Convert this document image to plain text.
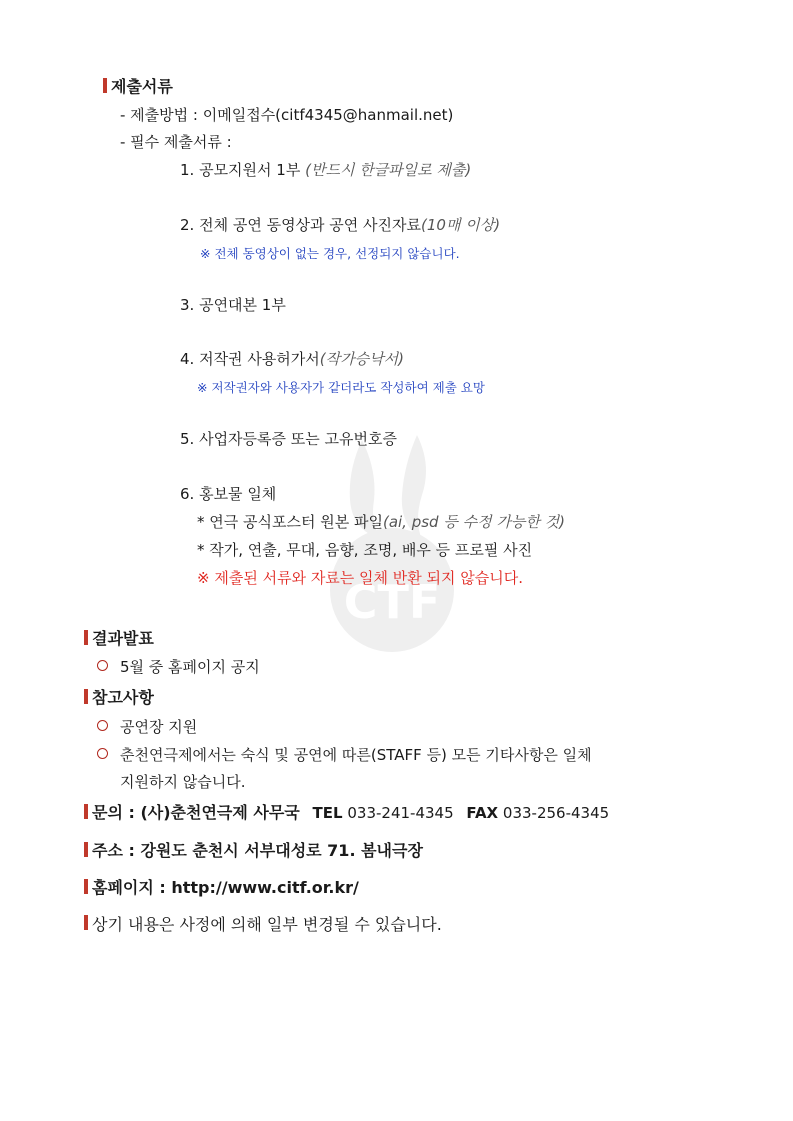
CTF
제출서류
- 제출방법 : 이메일접수(citf4345@hanmail.net)
- 필수 제출서류 :
1. 공모지원서 1부 (반드시 한글파일로 제출)
2. 전체 공연 동영상과 공연 사진자료(10매 이상)
※ 전체 동영상이 없는 경우, 선정되지 않습니다.
3. 공연대본 1부
4. 저작권 사용허가서(작가승낙서)
※ 저작권자와 사용자가 같더라도 작성하여 제출 요망
5. 사업자등록증 또는 고유번호증
6. 홍보물 일체
* 연극 공식포스터 원본 파일(ai, psd 등 수정 가능한 것)
* 작가, 연출, 무대, 음향, 조명, 배우 등 프로필 사진
※ 제출된 서류와 자료는 일체 반환 되지 않습니다.
결과발표
5월 중 홈페이지 공지
참고사항
공연장 지원
춘천연극제에서는 숙식 및 공연에 따른(STAFF 등) 모든 기타사항은 일체
지원하지 않습니다.
문의 : (사)춘천연극제 사무국 TEL 033-241-4345 FAX 033-256-4345
주소 : 강원도 춘천시 서부대성로 71. 봄내극장
홈페이지 : http://www.citf.or.kr/
상기 내용은 사정에 의해 일부 변경될 수 있습니다.
